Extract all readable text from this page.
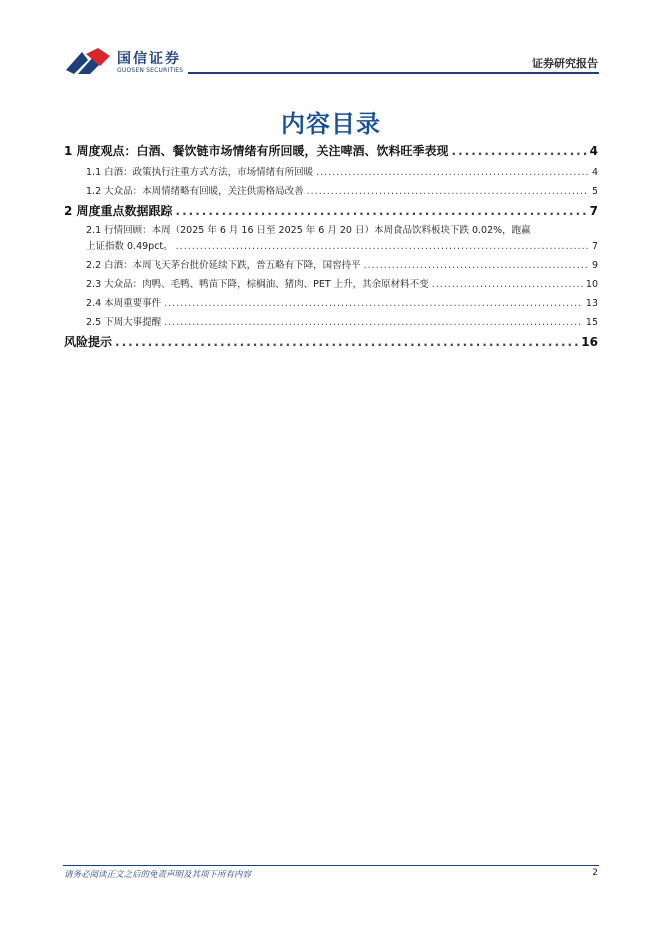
国信证券
GUOSEN SECURITIES
证券研究报告
内容目录
1 周度观点：白酒、餐饮链市场情绪有所回暖，关注啤酒、饮料旺季表现 .....	4
1.1 白酒：政策执行注重方式方法，市场情绪有所回暖 .....	4
1.2 大众品：本周情绪略有回暖，关注供需格局改善 .....	5
2 周度重点数据跟踪 .....	7
2.1 行情回顾：本周（2025 年 6 月 16 日至 2025 年 6 月 20 日）本周食品饮料板块下跌 0.02%，跑赢
上证指数 0.49pct。 .....	7
2.2 白酒：本周飞天茅台批价延续下跌，普五略有下降，国窖持平 .....	9
2.3 大众品：肉鸭、毛鸭、鸭苗下降，棕榈油、猪肉、PET 上升，其余原材料不变 .....	10
2.4 本周重要事件 .....	13
2.5 下周大事提醒 .....	15
风险提示 .....	16
请务必阅读正文之后的免责声明及其项下所有内容	2
